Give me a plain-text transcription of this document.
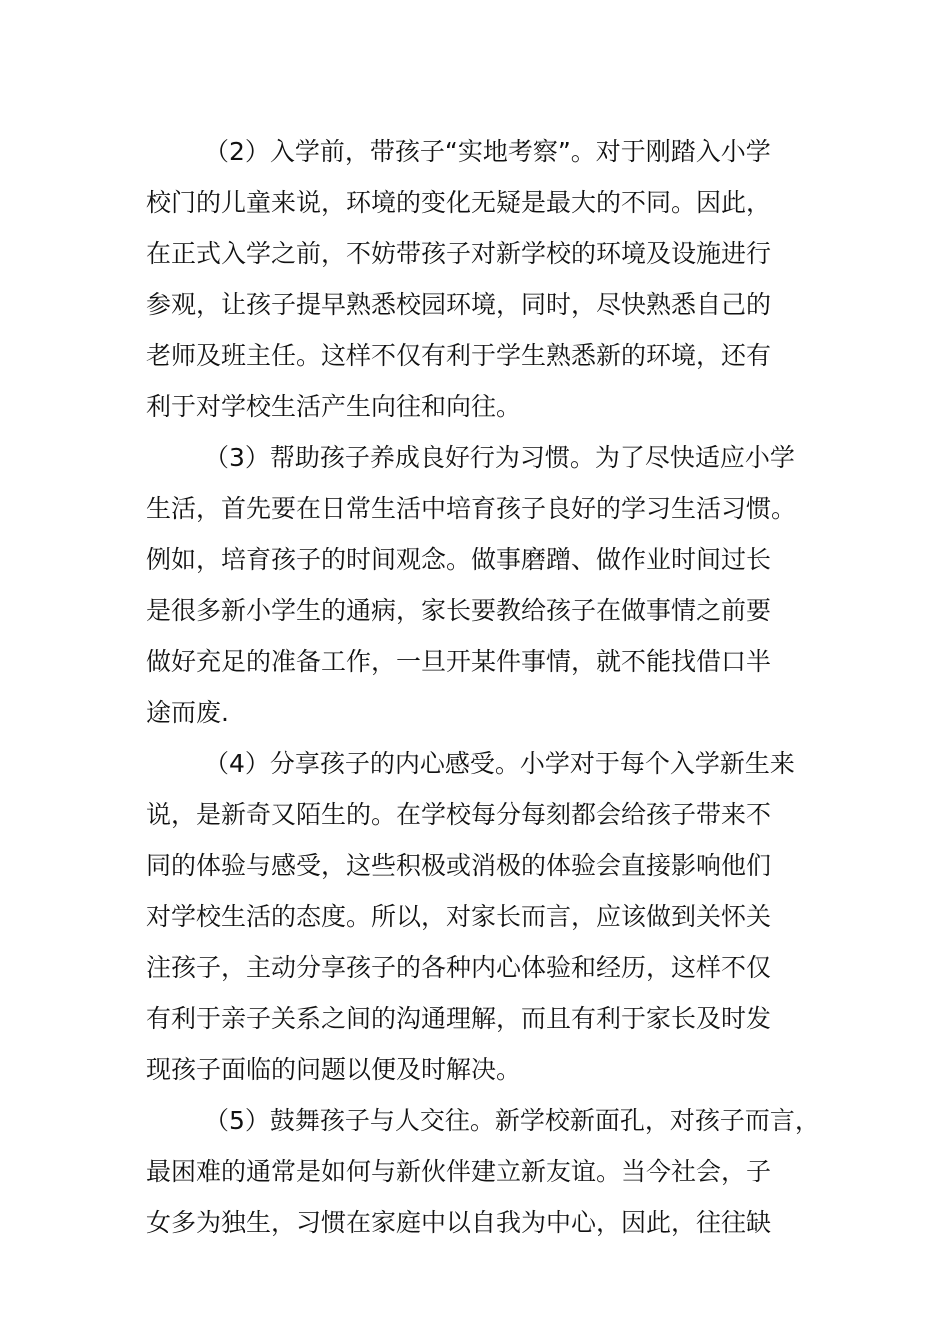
（2）入学前，带孩子“实地考察”。对于刚踏入小学
校门的儿童来说，环境的变化无疑是最大的不同。因此，
在正式入学之前，不妨带孩子对新学校的环境及设施进行
参观，让孩子提早熟悉校园环境，同时，尽快熟悉自己的
老师及班主任。这样不仅有利于学生熟悉新的环境，还有
利于对学校生活产生向往和向往。
（3）帮助孩子养成良好行为习惯。为了尽快适应小学
生活，首先要在日常生活中培育孩子良好的学习生活习惯。
例如，培育孩子的时间观念。做事磨蹭、做作业时间过长
是很多新小学生的通病，家长要教给孩子在做事情之前要
做好充足的准备工作，一旦开某件事情，就不能找借口半
途而废.
（4）分享孩子的内心感受。小学对于每个入学新生来
说，是新奇又陌生的。在学校每分每刻都会给孩子带来不
同的体验与感受，这些积极或消极的体验会直接影响他们
对学校生活的态度。所以，对家长而言，应该做到关怀关
注孩子，主动分享孩子的各种内心体验和经历，这样不仅
有利于亲子关系之间的沟通理解，而且有利于家长及时发
现孩子面临的问题以便及时解决。
（5）鼓舞孩子与人交往。新学校新面孔，对孩子而言，
最困难的通常是如何与新伙伴建立新友谊。当今社会，子
女多为独生，习惯在家庭中以自我为中心，因此，往往缺
